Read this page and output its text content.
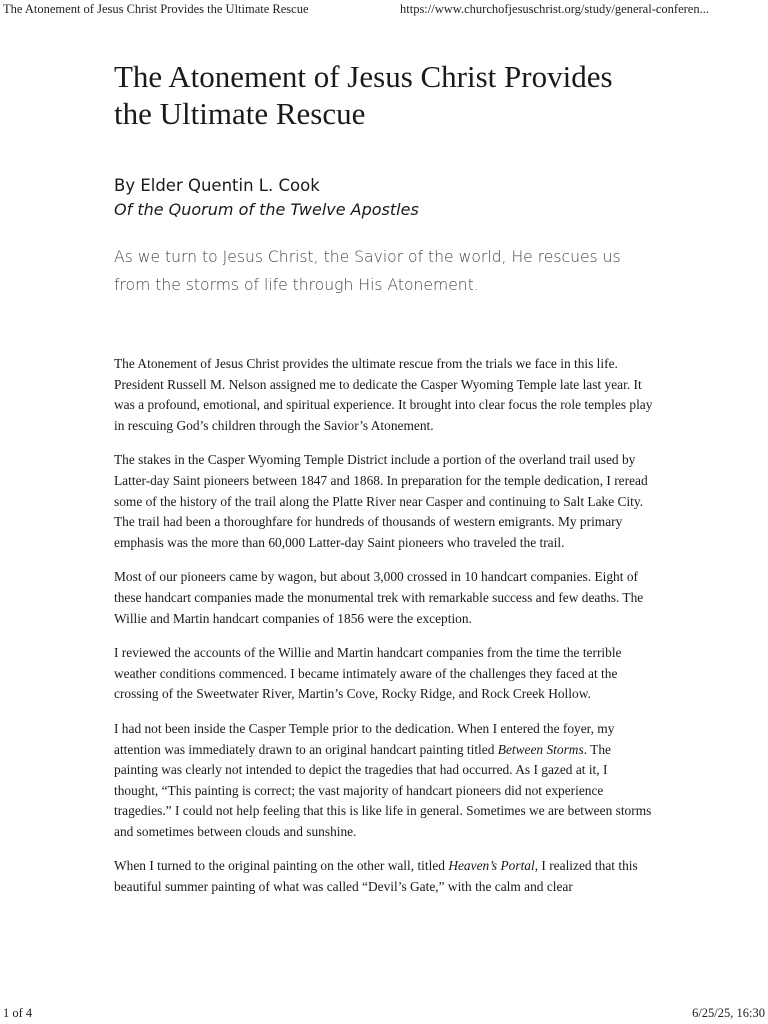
The Atonement of Jesus Christ Provides the Ultimate Rescue	https://www.churchofjesuschrist.org/study/general-conferen...
The Atonement of Jesus Christ Provides the Ultimate Rescue
By Elder Quentin L. Cook
Of the Quorum of the Twelve Apostles
As we turn to Jesus Christ, the Savior of the world, He rescues us from the storms of life through His Atonement.

The Atonement of Jesus Christ provides the ultimate rescue from the trials we face in this life. President Russell M. Nelson assigned me to dedicate the Casper Wyoming Temple late last year. It was a profound, emotional, and spiritual experience. It brought into clear focus the role temples play in rescuing God’s children through the Savior’s Atonement.

The stakes in the Casper Wyoming Temple District include a portion of the overland trail used by Latter-day Saint pioneers between 1847 and 1868. In preparation for the temple dedication, I reread some of the history of the trail along the Platte River near Casper and continuing to Salt Lake City. The trail had been a thoroughfare for hundreds of thousands of western emigrants. My primary emphasis was the more than 60,000 Latter-day Saint pioneers who traveled the trail.

Most of our pioneers came by wagon, but about 3,000 crossed in 10 handcart companies. Eight of these handcart companies made the monumental trek with remarkable success and few deaths. The Willie and Martin handcart companies of 1856 were the exception.

I reviewed the accounts of the Willie and Martin handcart companies from the time the terrible weather conditions commenced. I became intimately aware of the challenges they faced at the crossing of the Sweetwater River, Martin’s Cove, Rocky Ridge, and Rock Creek Hollow.

I had not been inside the Casper Temple prior to the dedication. When I entered the foyer, my attention was immediately drawn to an original handcart painting titled Between Storms. The painting was clearly not intended to depict the tragedies that had occurred. As I gazed at it, I thought, “This painting is correct; the vast majority of handcart pioneers did not experience tragedies.” I could not help feeling that this is like life in general. Sometimes we are between storms and sometimes between clouds and sunshine.

When I turned to the original painting on the other wall, titled Heaven’s Portal, I realized that this beautiful summer painting of what was called “Devil’s Gate,” with the calm and clear

1 of 4	6/25/25, 16:30
